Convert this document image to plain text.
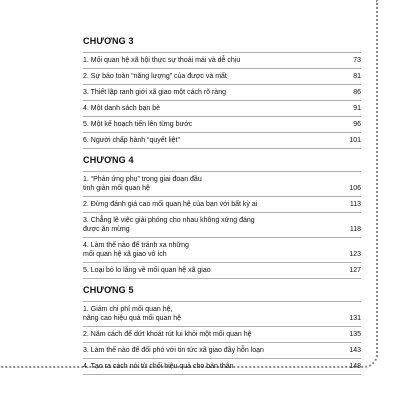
CHƯƠNG 3
1. Mối quan hệ xã hội thực sự thoải mái và dễ chịu	73
2. Sự bảo toàn “năng lượng” của được và mất	81
3. Thiết lập ranh giới xã giao một cách rõ ràng	86
4. Một danh sách bạn bè	91
5. Một kế hoạch tiến lên từng bước	96
6. Người chấp hành “quyết liệt”	101
CHƯƠNG 4
1. “Phản ứng phụ” trong giai đoạn đầu
tinh giản mối quan hệ	106
2. Đừng đánh giá cao mối quan hệ của bạn với bất kỳ ai	113
3. Chẳng lẽ việc giải phóng cho nhau không xứng đáng
được ăn mừng	118
4. Làm thế nào để tránh xa những
mối quan hệ xã giao vô ích	123
5. Loại bỏ lo lắng về mối quan hệ xã giao	127
CHƯƠNG 5
1. Giảm chi phí mối quan hệ,
nâng cao hiệu quả mối quan hệ	131
2. Năm cách để dứt khoát rút lui khỏi một mối quan hệ	135
3. Làm thế nào để đối phó với tin tức xã giao đầy hỗn loạn	143
4. Tạo ra cách nói từ chối hiệu quả cho bản thân	148
